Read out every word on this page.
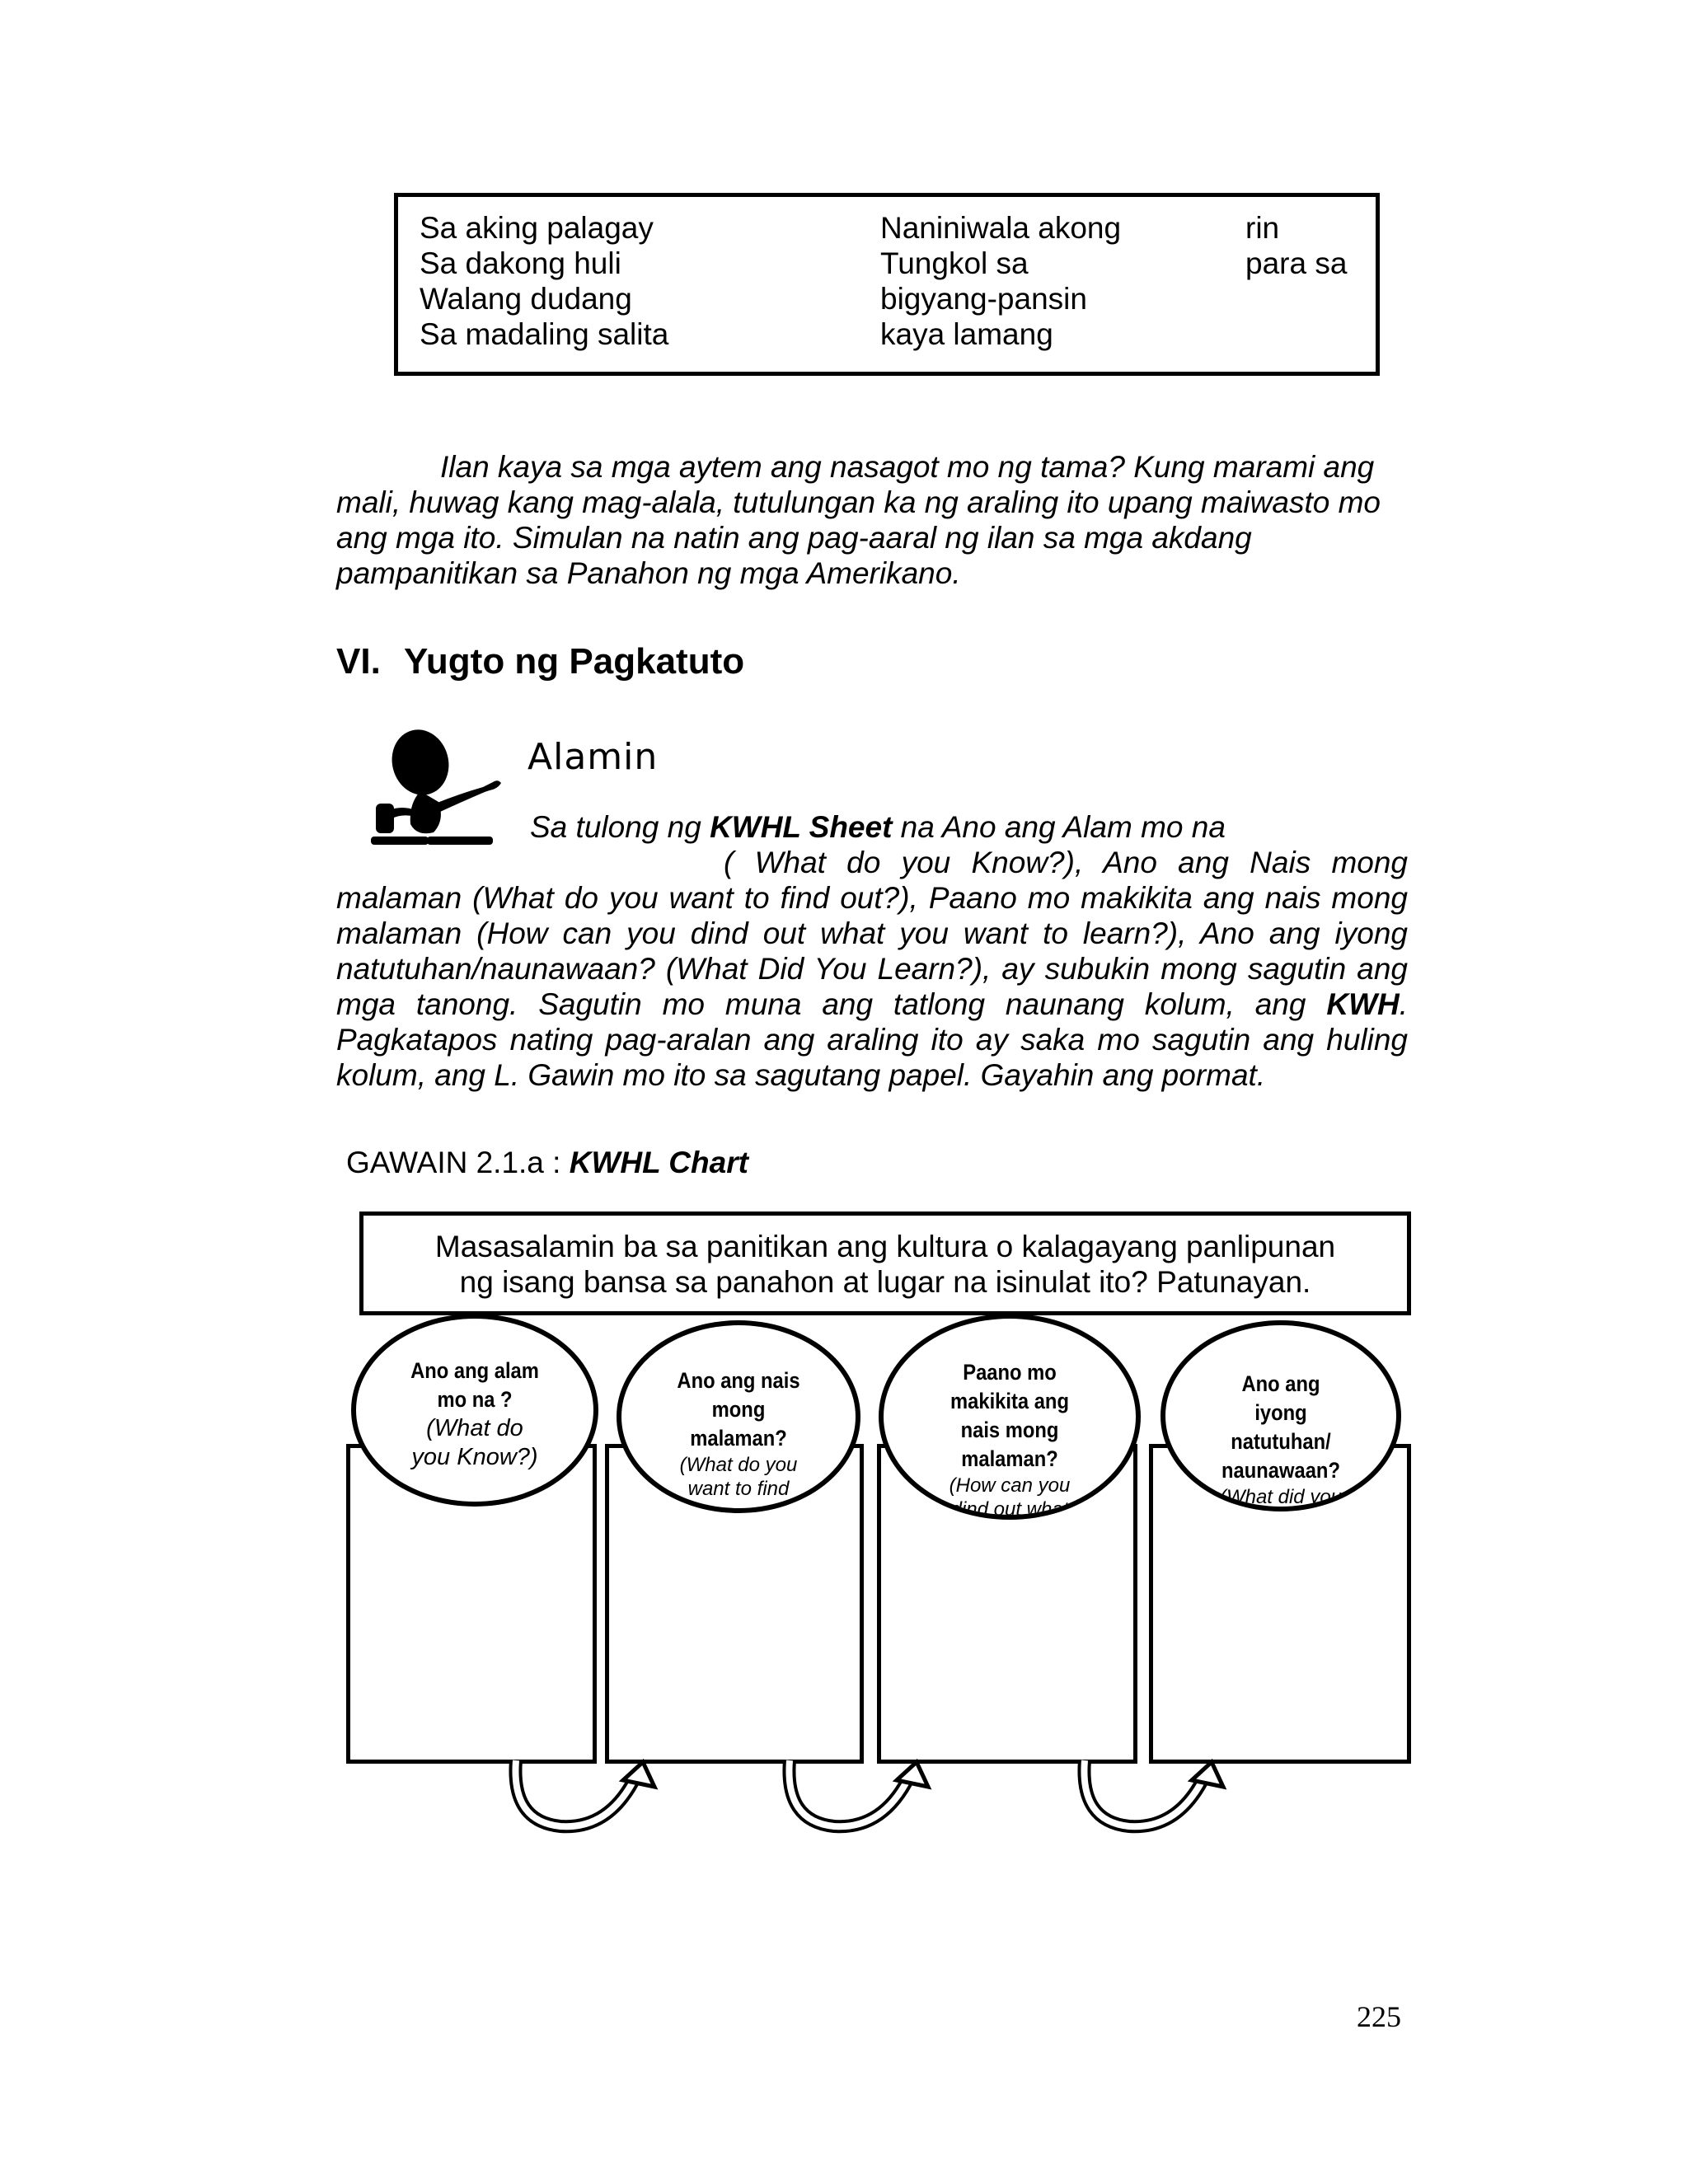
Sa aking palagay
Sa dakong huli
Walang dudang
Sa madaling salita
Naniniwala akong
Tungkol sa
bigyang-pansin
kaya lamang
rin
para sa
Ilan kaya sa mga aytem ang nasagot mo ng tama? Kung marami ang
mali, huwag kang mag-alala, tutulungan ka ng araling ito upang maiwasto mo
ang mga ito. Simulan na natin ang pag-aaral ng ilan sa mga akdang
pampanitikan sa Panahon ng mga Amerikano.
VI. Yugto ng Pagkatuto
Alamin
Sa tulong ng KWHL Sheet na Ano ang Alam mo na
( What do you Know?), Ano ang Nais mong
malaman (What do you want to find out?), Paano mo makikita ang nais mong
malaman (How can you dind out what you want to learn?), Ano ang iyong
natutuhan/naunawaan? (What Did You Learn?), ay subukin mong sagutin ang
mga tanong. Sagutin mo muna ang tatlong naunang kolum, ang KWH.
Pagkatapos nating pag-aralan ang araling ito ay saka mo sagutin ang huling
kolum, ang L. Gawin mo ito sa sagutang papel. Gayahin ang pormat.
GAWAIN 2.1.a : KWHL Chart
Masasalamin ba sa panitikan ang kultura o kalagayang panlipunan
ng isang bansa sa panahon at lugar na isinulat ito? Patunayan.
Ano ang alam
mo na ?
(What do
you Know?)
Ano ang nais
mong
malaman?
(What do you
want to find
Paano mo
makikita ang
nais mong
malaman?
(How can you
dind out what
Ano ang
iyong
natutuhan/
naunawaan?
(What did you
225
